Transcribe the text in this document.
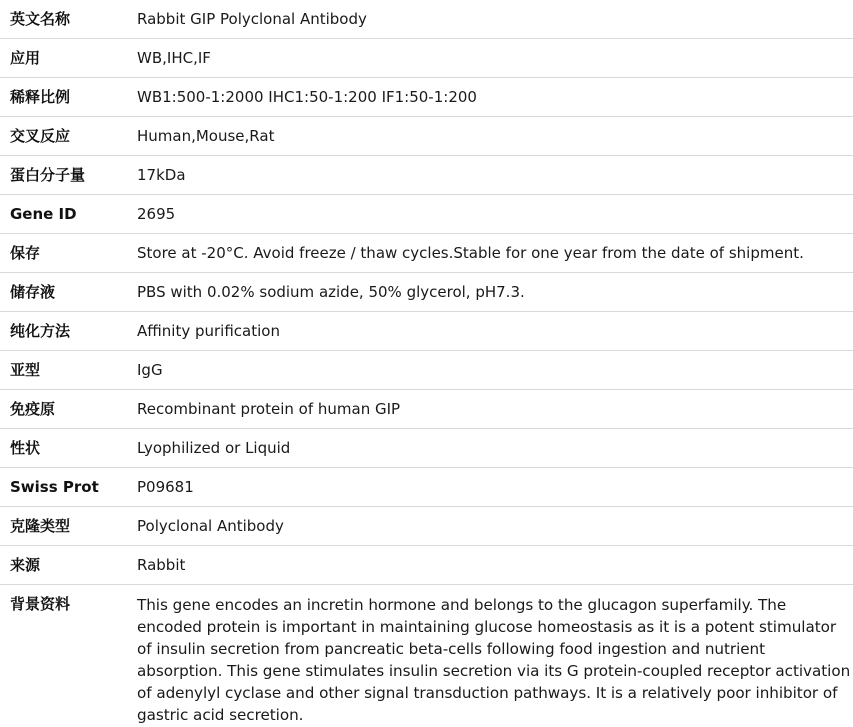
英文名称	Rabbit GIP Polyclonal Antibody
应用	WB,IHC,IF
稀释比例	WB1:500-1:2000 IHC1:50-1:200 IF1:50-1:200
交叉反应	Human,Mouse,Rat
蛋白分子量	17kDa
Gene ID	2695
保存	Store at -20°C. Avoid freeze / thaw cycles.Stable for one year from the date of shipment.
储存液	PBS with 0.02% sodium azide, 50% glycerol, pH7.3.
纯化方法	Affinity purification
亚型	IgG
免疫原	Recombinant protein of human GIP
性状	Lyophilized or Liquid
Swiss Prot	P09681
克隆类型	Polyclonal Antibody
来源	Rabbit
背景资料	This gene encodes an incretin hormone and belongs to the glucagon superfamily. The encoded protein is important in maintaining glucose homeostasis as it is a potent stimulator of insulin secretion from pancreatic beta-cells following food ingestion and nutrient absorption. This gene stimulates insulin secretion via its G protein-coupled receptor activation of adenylyl cyclase and other signal transduction pathways. It is a relatively poor inhibitor of gastric acid secretion.
